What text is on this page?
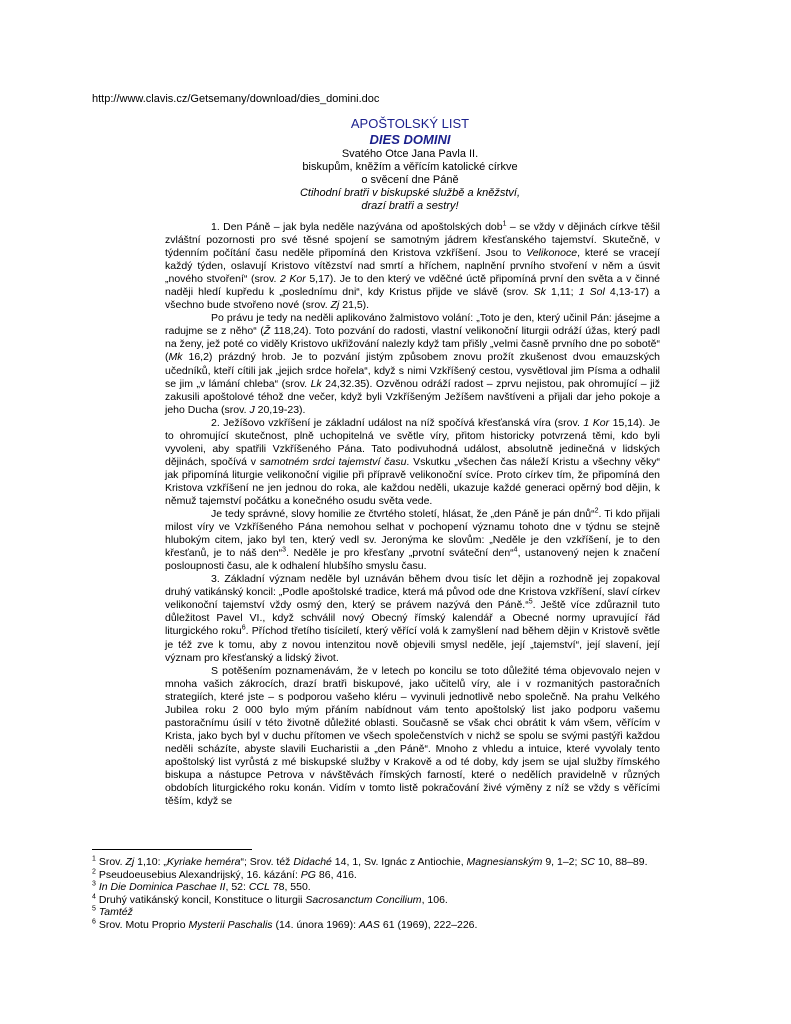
http://www.clavis.cz/Getsemany/download/dies_domini.doc
APOŠTOLSKÝ LIST
DIES DOMINI
Svatého Otce Jana Pavla II.
biskupům, kněžím a věřícím katolické církve
o svěcení dne Páně
Ctihodní bratři v biskupské službě a kněžství,
drazí bratři a sestry!

1. Den Páně – jak byla neděle nazývána od apoštolských dob$^1$ – se vždy v dějinách církve těšil zvláštní pozornosti pro své těsné spojení se samotným jádrem křesťanského tajemství. Skutečně, v týdenním počítání času neděle připomíná den Kristova vzkříšení. Jsou to Velikonoce, které se vracejí každý týden, oslavují Kristovo vítězství nad smrtí a hříchem, naplnění prvního stvoření v něm a úsvit „nového stvoření“ (srov. 2 Kor 5,17). Je to den který ve vděčné úctě připomíná první den světa a v činné naději hledí kupředu k „poslednímu dni“, kdy Kristus přijde ve slávě (srov. Sk 1,11; 1 Sol 4,13-17) a všechno bude stvořeno nové (srov. Zj 21,5).

Po právu je tedy na neděli aplikováno žalmistovo volání: „Toto je den, který učinil Pán: jásejme a radujme se z něho“ (Ž 118,24). Toto pozvání do radosti, vlastní velikonoční liturgii odráží úžas, který padl na ženy, jež poté co viděly Kristovo ukřižování nalezly když tam přišly „velmi časně prvního dne po sobotě“ (Mk 16,2) prázdný hrob. Je to pozvání jistým způsobem znovu prožít zkušenost dvou emauzských učedníků, kteří cítili jak „jejich srdce hořela“, když s nimi Vzkříšený cestou, vysvětloval jim Písma a odhalil se jim „v lámání chleba“ (srov. Lk 24,32.35). Ozvěnou odráží radost – zprvu nejistou, pak ohromující – již zakusili apoštolové téhož dne večer, když byli Vzkříšeným Ježíšem navštíveni a přijali dar jeho pokoje a jeho Ducha (srov. J 20,19-23).

2. Ježíšovo vzkříšení je základní událost na níž spočívá křesťanská víra (srov. 1 Kor 15,14). Je to ohromující skutečnost, plně uchopitelná ve světle víry, přitom historicky potvrzená těmi, kdo byli vyvoleni, aby spatřili Vzkříšeného Pána. Tato podivuhodná událost, absolutně jedinečná v lidských dějinách, spočívá v samotném srdci tajemství času. Vskutku „všechen čas náleží Kristu a všechny věky“ jak připomíná liturgie velikonoční vigilie při přípravě velikonoční svíce. Proto církev tím, že připomíná den Kristova vzkříšení ne jen jednou do roka, ale každou neděli, ukazuje každé generaci opěrný bod dějin, k němuž tajemství počátku a konečného osudu světa vede.

Je tedy správné, slovy homilie ze čtvrtého století, hlásat, že „den Páně je pán dnů“$^2$. Ti kdo přijali milost víry ve Vzkříšeného Pána nemohou selhat v pochopení významu tohoto dne v týdnu se stejně hlubokým citem, jako byl ten, který vedl sv. Jeronýma ke slovům: „Neděle je den vzkříšení, je to den křesťanů, je to náš den“$^3$. Neděle je pro křesťany „prvotní sváteční den“$^4$, ustanovený nejen k značení posloupnosti času, ale k odhalení hlubšího smyslu času.

3. Základní význam neděle byl uznáván během dvou tisíc let dějin a rozhodně jej zopakoval druhý vatikánský koncil: „Podle apoštolské tradice, která má původ ode dne Kristova vzkříšení, slaví církev velikonoční tajemství vždy osmý den, který se právem nazývá den Páně.“$^5$. Ještě více zdůraznil tuto důležitost Pavel VI., když schválil nový Obecný římský kalendář a Obecné normy upravující řád liturgického roku$^6$. Příchod třetího tisíciletí, který věřící volá k zamyšlení nad během dějin v Kristově světle je též zve k tomu, aby z novou intenzitou nově objevili smysl neděle, její „tajemství“, její slavení, její význam pro křesťanský a lidský život.

S potěšením poznamenávám, že v letech po koncilu se toto důležité téma objevovalo nejen v mnoha vašich zákrocích, drazí bratři biskupové, jako učitelů víry, ale i v rozmanitých pastoračních strategiích, které jste – s podporou vašeho kléru – vyvinuli jednotlivě nebo společně. Na prahu Velkého Jubilea roku 2 000 bylo mým přáním nabídnout vám tento apoštolský list jako podporu vašemu pastoračnímu úsilí v této životně důležité oblasti. Současně se však chci obrátit k vám všem, věřícím v Krista, jako bych byl v duchu přítomen ve všech společenstvích v nichž se spolu se svými pastýři každou neděli scházíte, abyste slavili Eucharistii a „den Páně“. Mnoho z vhledu a intuice, které vyvolaly tento apoštolský list vyrůstá z mé biskupské služby v Krakově a od té doby, kdy jsem se ujal služby římského biskupa a nástupce Petrova v návštěvách římských farností, které o nedělích pravidelně v různých obdobích liturgického roku konán. Vidím v tomto listě pokračování živé výměny z níž se vždy s věřícími těším, když se

$^1$ Srov. Zj 1,10: „Kyriake heméra“; Srov. též Didaché 14, 1, Sv. Ignác z Antiochie, Magnesianským 9, 1–2; SC 10, 88–89.
$^2$ Pseudoeusebius Alexandrijský, 16. kázání: PG 86, 416.
$^3$ In Die Dominica Paschae II, 52: CCL 78, 550.
$^4$ Druhý vatikánský koncil, Konstituce o liturgii Sacrosanctum Concilium, 106.
$^5$ Tamtéž
$^6$ Srov. Motu Proprio Mysterii Paschalis (14. února 1969): AAS 61 (1969), 222–226.
